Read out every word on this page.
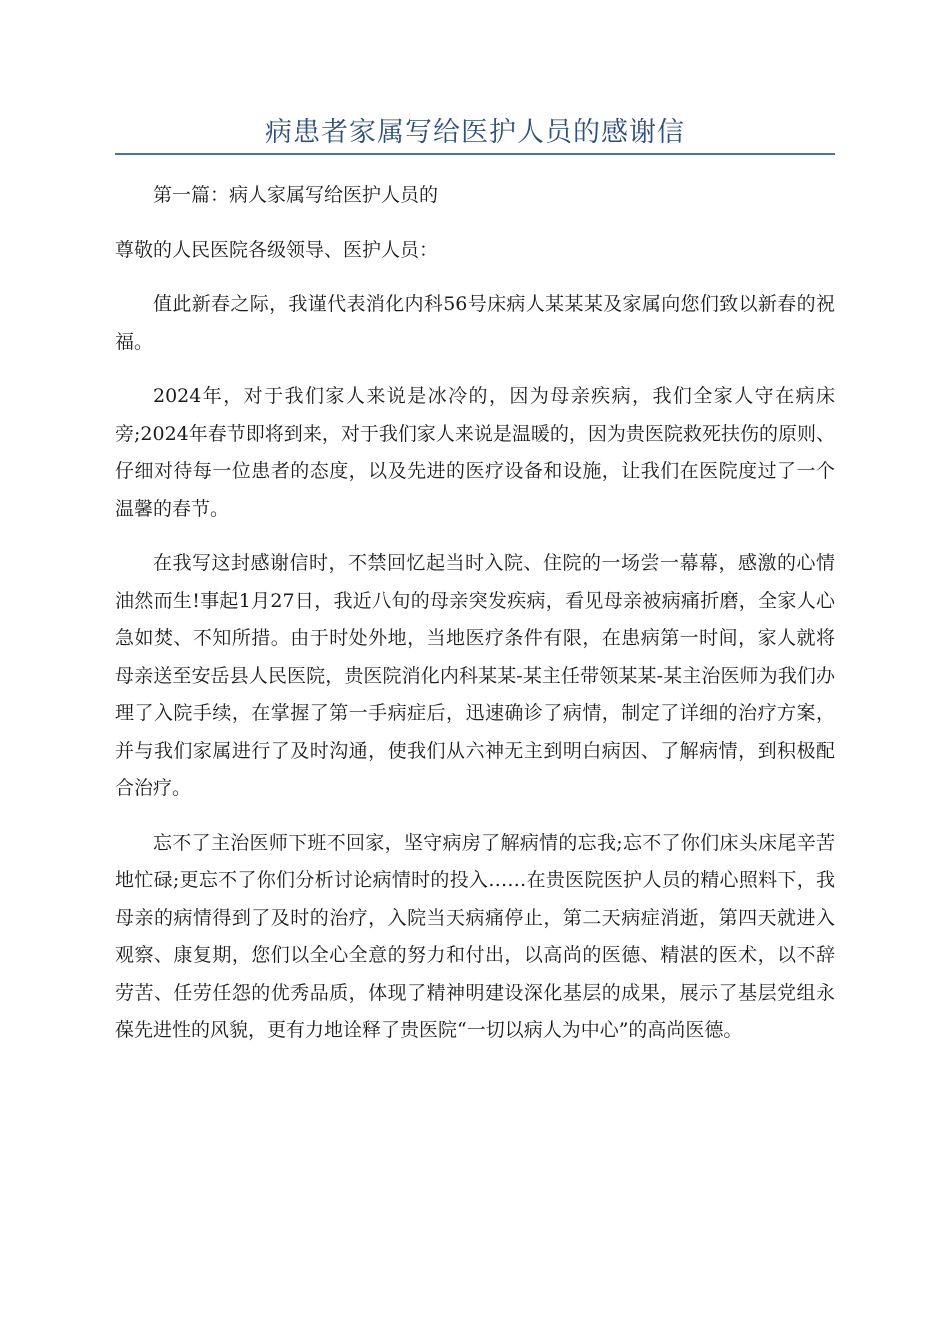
病患者家属写给医护人员的感谢信

第一篇：病人家属写给医护人员的

尊敬的人民医院各级领导、医护人员：

值此新春之际，我谨代表消化内科56号床病人某某某及家属向您们致以新春的祝福。

2024年，对于我们家人来说是冰冷的，因为母亲疾病，我们全家人守在病床旁;2024年春节即将到来，对于我们家人来说是温暖的，因为贵医院救死扶伤的原则、仔细对待每一位患者的态度，以及先进的医疗设备和设施，让我们在医院度过了一个温馨的春节。

在我写这封感谢信时，不禁回忆起当时入院、住院的一场尝一幕幕，感激的心情油然而生!事起1月27日，我近八旬的母亲突发疾病，看见母亲被病痛折磨，全家人心急如焚、不知所措。由于时处外地，当地医疗条件有限，在患病第一时间，家人就将母亲送至安岳县人民医院，贵医院消化内科某某-某主任带领某某-某主治医师为我们办理了入院手续，在掌握了第一手病症后，迅速确诊了病情，制定了详细的治疗方案，并与我们家属进行了及时沟通，使我们从六神无主到明白病因、了解病情，到积极配合治疗。

忘不了主治医师下班不回家，坚守病房了解病情的忘我;忘不了你们床头床尾辛苦地忙碌;更忘不了你们分析讨论病情时的投入……在贵医院医护人员的精心照料下，我母亲的病情得到了及时的治疗，入院当天病痛停止，第二天病症消逝，第四天就进入观察、康复期，您们以全心全意的努力和付出，以高尚的医德、精湛的医术，以不辞劳苦、任劳任怨的优秀品质，体现了精神明建设深化基层的成果，展示了基层党组永葆先进性的风貌，更有力地诠释了贵医院“一切以病人为中心”的高尚医德。
